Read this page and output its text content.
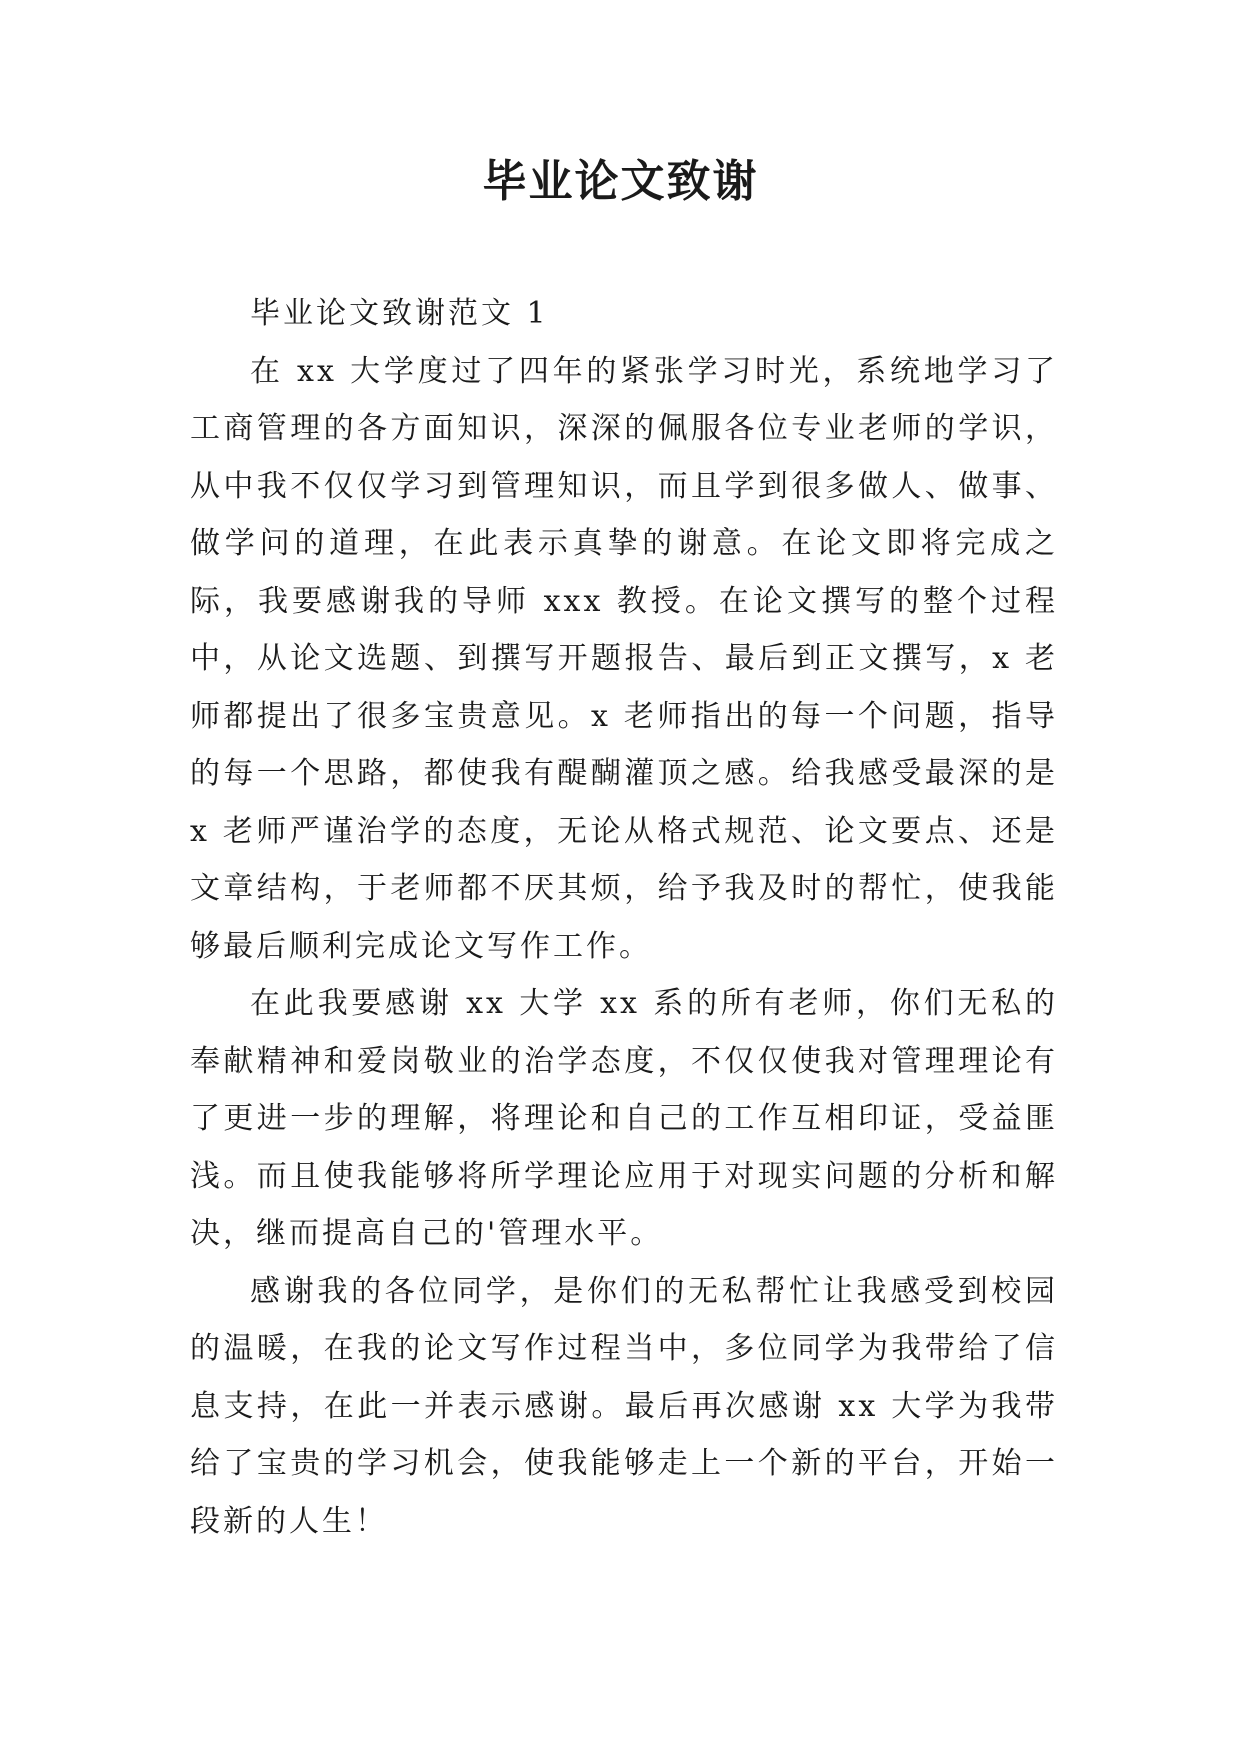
毕业论文致谢

毕业论文致谢范文 1

在 xx 大学度过了四年的紧张学习时光，系统地学习了工商管理的各方面知识，深深的佩服各位专业老师的学识，从中我不仅仅学习到管理知识，而且学到很多做人、做事、做学问的道理，在此表示真挚的谢意。在论文即将完成之际，我要感谢我的导师 xxx 教授。在论文撰写的整个过程中，从论文选题、到撰写开题报告、最后到正文撰写，x 老师都提出了很多宝贵意见。x 老师指出的每一个问题，指导的每一个思路，都使我有醍醐灌顶之感。给我感受最深的是 x 老师严谨治学的态度，无论从格式规范、论文要点、还是文章结构，于老师都不厌其烦，给予我及时的帮忙，使我能够最后顺利完成论文写作工作。

在此我要感谢 xx 大学 xx 系的所有老师，你们无私的奉献精神和爱岗敬业的治学态度，不仅仅使我对管理理论有了更进一步的理解，将理论和自己的工作互相印证，受益匪浅。而且使我能够将所学理论应用于对现实问题的分析和解决，继而提高自己的'管理水平。

感谢我的各位同学，是你们的无私帮忙让我感受到校园的温暖，在我的论文写作过程当中，多位同学为我带给了信息支持，在此一并表示感谢。最后再次感谢 xx 大学为我带给了宝贵的学习机会，使我能够走上一个新的平台，开始一段新的人生！
